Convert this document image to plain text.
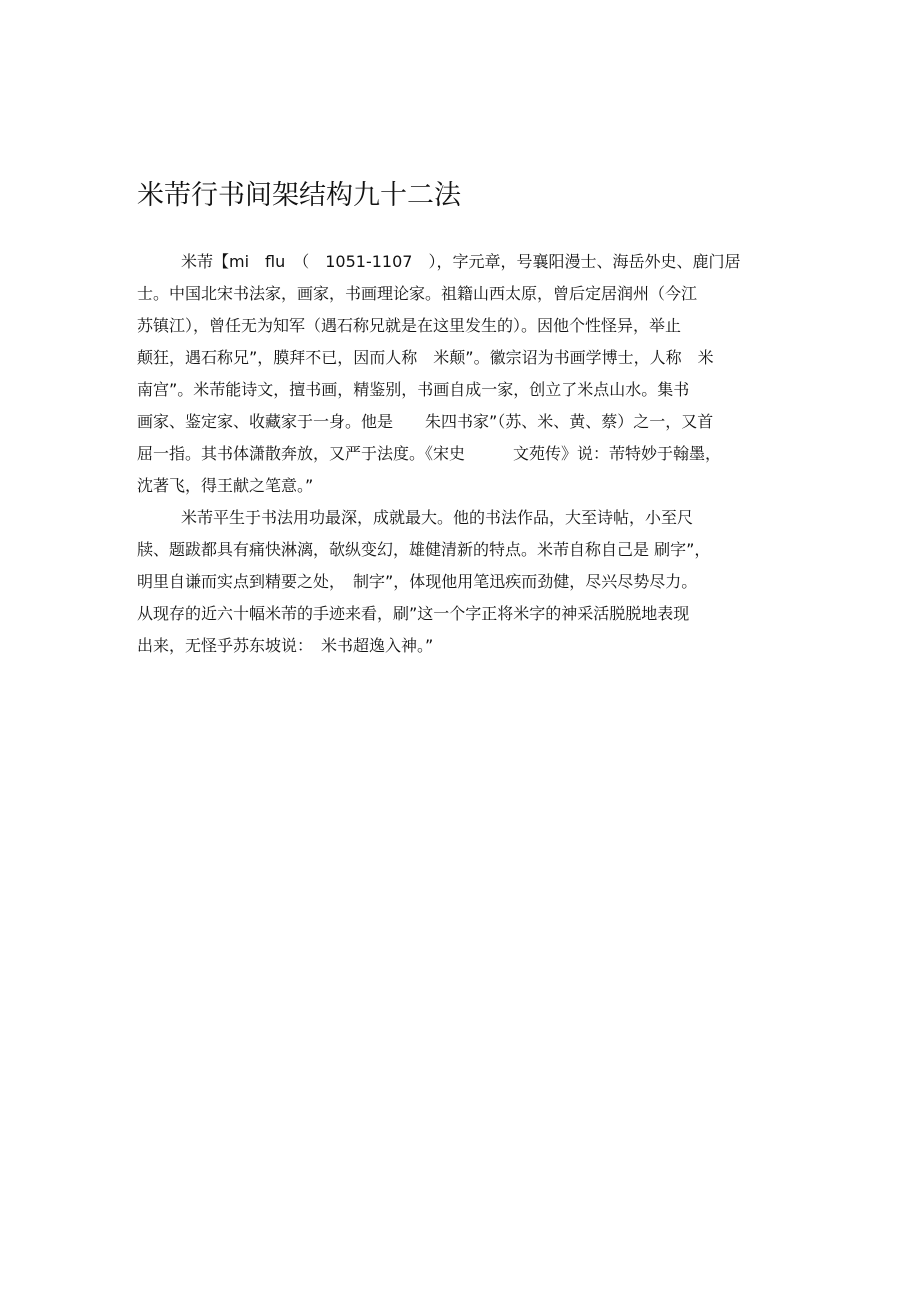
米芾行书间架结构九十二法
米芾【mi　flu　（　1051-1107　），字元章，号襄阳漫士、海岳外史、鹿门居
士。中国北宋书法家，画家，书画理论家。祖籍山西太原，曾后定居润州（今江
苏镇江），曾任无为知军（遇石称兄就是在这里发生的）。因他个性怪异，举止
颠狂，遇石称兄”，膜拜不已，因而人称　米颠”。徽宗诏为书画学博士，人称　米
南宫”。米芾能诗文，擅书画，精鉴别，书画自成一家，创立了米点山水。集书
画家、鉴定家、收藏家于一身。他是　　朱四书家”（苏、米、黄、蔡）之一，又首
屈一指。其书体潇散奔放，又严于法度。《宋史　　　文苑传》说：芾特妙于翰墨，
沈著飞，得王献之笔意。”
米芾平生于书法用功最深，成就最大。他的书法作品，大至诗帖，小至尺
牍、题跋都具有痛快淋漓，欹纵变幻，雄健清新的特点。米芾自称自己是 刷字”，
明里自谦而实点到精要之处，　制字”，体现他用笔迅疾而劲健，尽兴尽势尽力。
从现存的近六十幅米芾的手迹来看，刷”这一个字正将米字的神采活脱脱地表现
出来，无怪乎苏东坡说：　米书超逸入神。”
